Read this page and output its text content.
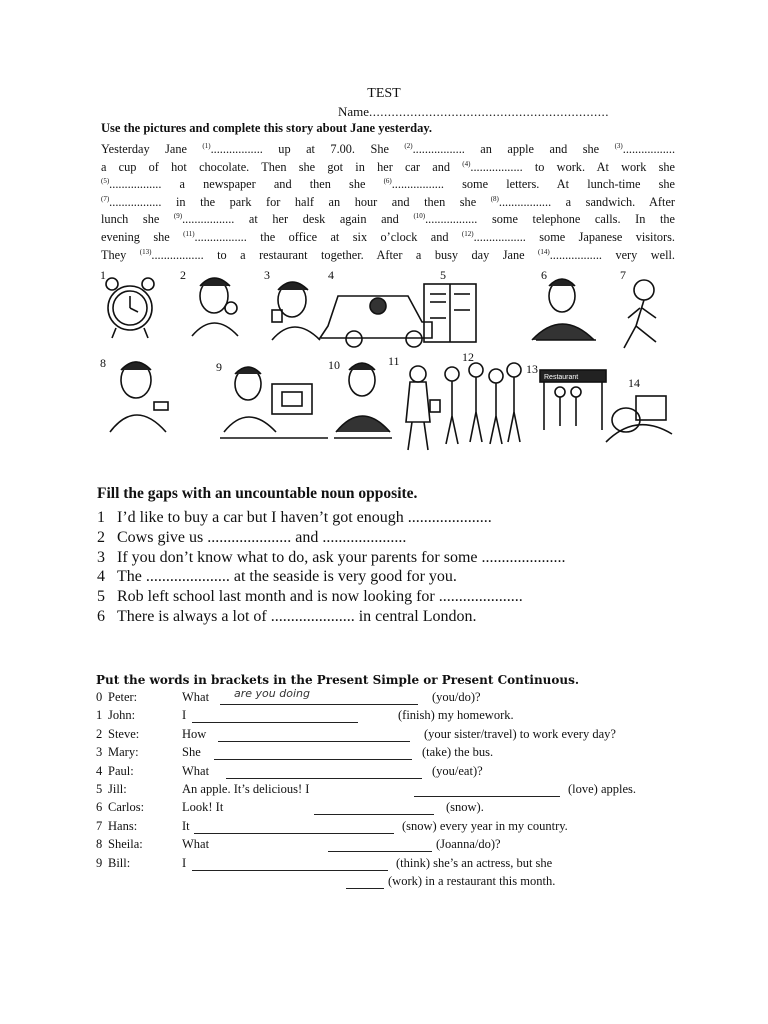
TEST
Name................................................................
Use the pictures and complete this story about Jane yesterday.
Yesterday Jane $^{(1)}$................. up at 7.00. She $^{(2)}$................. an apple and she $^{(3)}$.................
a cup of hot chocolate. Then she got in her car and $^{(4)}$................. to work. At work she
$^{(5)}$................. a newspaper and then she $^{(6)}$................. some letters. At lunch-time she
$^{(7)}$................. in the park for half an hour and then she $^{(8)}$................. a sandwich. After
lunch she $^{(9)}$................. at her desk again and $^{(10)}$................. some telephone calls. In the
evening she $^{(11)}$................. the office at six o’clock and $^{(12)}$................. some Japanese visitors.
They $^{(13)}$................. to a restaurant together. After a busy day Jane $^{(14)}$................. very well.
1	2	3	4	5	6	7
8	9	10	11	12
13
14
Restaurant
Fill the gaps with an uncountable noun opposite.
1 I’d like to buy a car but I haven’t got enough .....................
2 Cows give us ..................... and .....................
3 If you don’t know what to do, ask your parents for some .....................
4 The ..................... at the seaside is very good for you.
5 Rob left school last month and is now looking for .....................
6 There is always a lot of ..................... in central London.
Put the words in brackets in the Present Simple or Present Continuous.
0 Peter:	What are you doing	(you/do)?
1 John:	I	(finish) my homework.
2 Steve:	How	(your sister/travel) to work every day?
3 Mary:	She	(take) the bus.
4 Paul:	What	(you/eat)?
5 Jill:	An apple. It’s delicious! I	(love) apples.
6 Carlos:	Look! It	(snow).
7 Hans:	It	(snow) every year in my country.
8 Sheila:	What	(Joanna/do)?
9 Bill:	I	(think) she’s an actress, but she
(work) in a restaurant this month.
